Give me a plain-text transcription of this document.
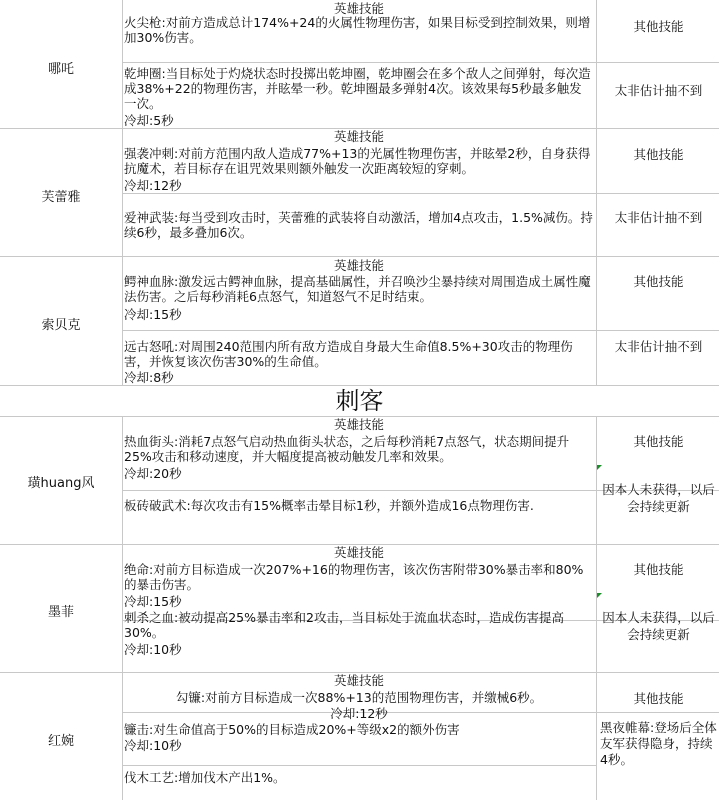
哪吒
英雄技能
火尖枪:对前方造成总计174%+24的火属性物理伤害，如果目标受到控制效果，则增加30%伤害。
乾坤圈:当目标处于灼烧状态时投掷出乾坤圈，乾坤圈会在多个敌人之间弹射，每次造成38%+22的物理伤害，并眩晕一秒。乾坤圈最多弹射4次。该效果每5秒最多触发一次。
冷却:5秒
其他技能
太非估计抽不到
芙蕾雅
英雄技能
强袭冲刺:对前方范围内敌人造成77%+13的光属性物理伤害，并眩晕2秒，自身获得抗魔术，若目标存在诅咒效果则额外触发一次距离较短的穿刺。
冷却:12秒
爱神武装:每当受到攻击时，芙蕾雅的武装将自动激活，增加4点攻击，1.5%减伤。持续6秒，最多叠加6次。
其他技能
太非估计抽不到
索贝克
英雄技能
鳄神血脉:激发远古鳄神血脉，提高基础属性，并召唤沙尘暴持续对周围造成土属性魔法伤害。之后每秒消耗6点怒气，知道怒气不足时结束。
冷却:15秒
远古怒吼:对周围240范围内所有敌方造成自身最大生命值8.5%+30攻击的物理伤害，并恢复该次伤害30%的生命值。
冷却:8秒
其他技能
太非估计抽不到
刺客
璜huang风
英雄技能
热血街头:消耗7点怒气启动热血街头状态，之后每秒消耗7点怒气，状态期间提升25%攻击和移动速度，并大幅度提高被动触发几率和效果。
冷却:20秒
板砖破武术:每次攻击有15%概率击晕目标1秒，并额外造成16点物理伤害.
其他技能
因本人未获得，以后会持续更新
墨菲
英雄技能
绝命:对前方目标造成一次207%+16的物理伤害，该次伤害附带30%暴击率和80%的暴击伤害。
冷却:15秒
刺杀之血:被动提高25%暴击率和2攻击，当目标处于流血状态时，造成伤害提高30%。
冷却:10秒
其他技能
因本人未获得，以后会持续更新
红婉
英雄技能
勾镰:对前方目标造成一次88%+13的范围物理伤害，并缴械6秒。
冷却:12秒
镰击:对生命值高于50%的目标造成20%+等级x2的额外伤害
冷却:10秒
伐木工艺:增加伐木产出1%。
其他技能
黑夜帷幕:登场后全体友军获得隐身，持续4秒。
